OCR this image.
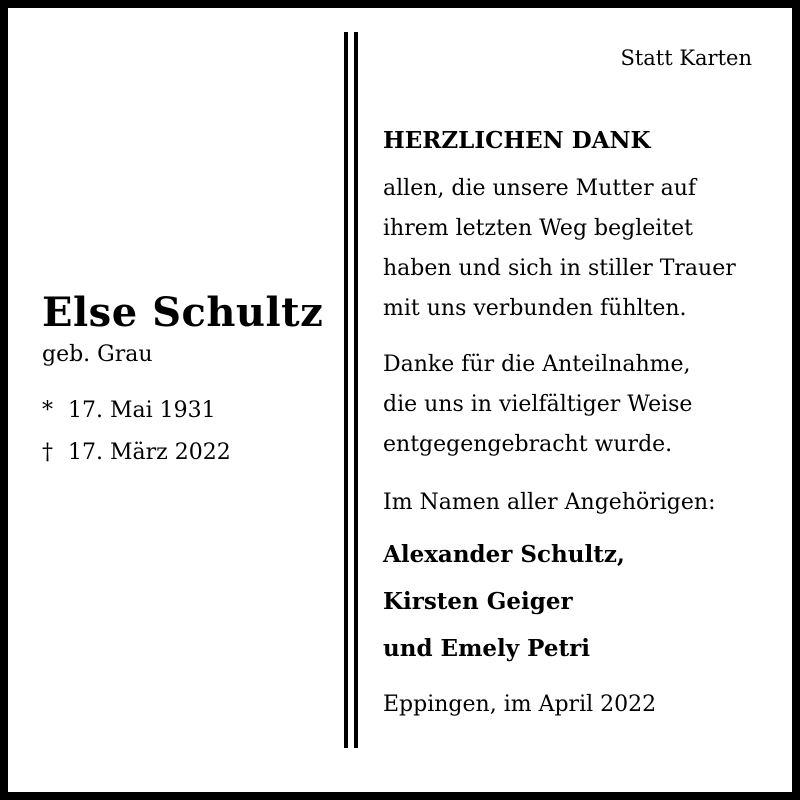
Statt Karten
Else Schultz
geb. Grau
* 17. Mai 1931
† 17. März 2022
HERZLICHEN DANK
allen, die unsere Mutter auf
ihrem letzten Weg begleitet
haben und sich in stiller Trauer
mit uns verbunden fühlten.
Danke für die Anteilnahme,
die uns in vielfältiger Weise
entgegengebracht wurde.
Im Namen aller Angehörigen:
Alexander Schultz,
Kirsten Geiger
und Emely Petri
Eppingen, im April 2022
